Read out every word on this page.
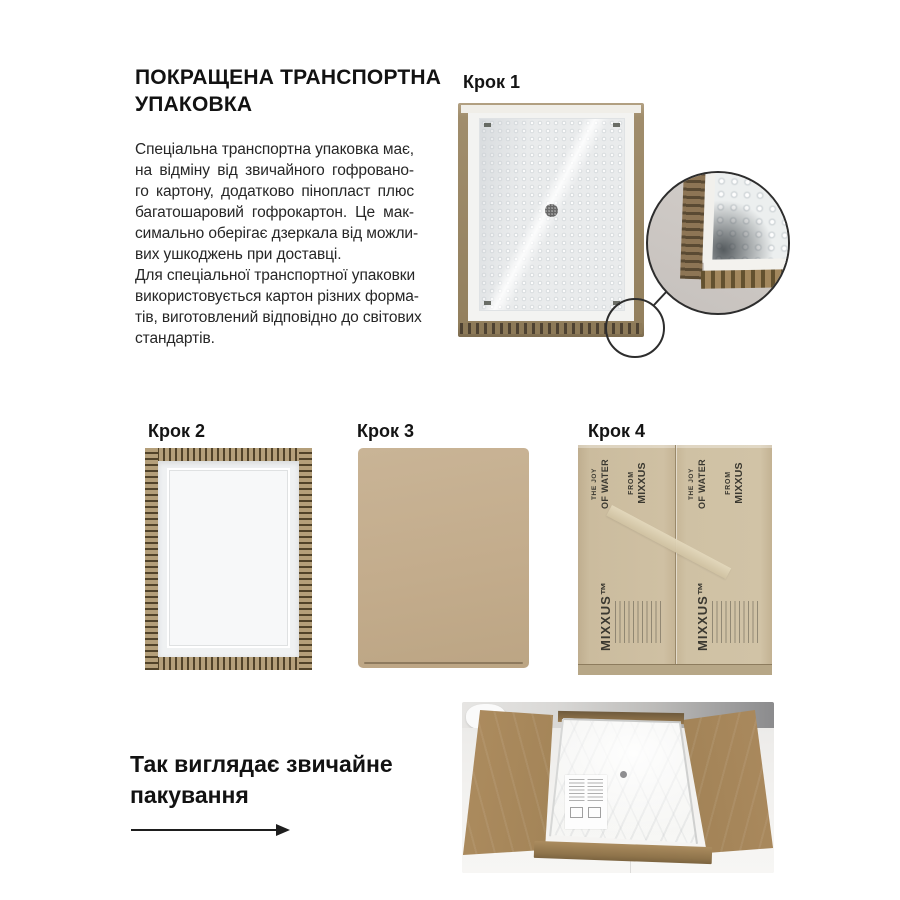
ПОКРАЩЕНА ТРАНСПОРТНА УПАКОВКА
Спеціальна транспортна упаковка має,
на відміну від звичайного гофровано-
го картону, додатково пінопласт плюс
багатошаровий гофрокартон. Це мак-
симально оберігає дзеркала від можли-
вих ушкоджень при доставці.
Для спеціальної транспортної упаковки
використовується картон різних форма-
тів, виготовлений відповідно до світових
стандартів.
Крок 1
Крок 2	Крок 3	Крок 4
THE JOY OF WATER	FROM MIXXUS	THE JOY OF WATER	FROM MIXXUS
MIXXUS™	MIXXUS™
Так виглядає звичайне пакування
